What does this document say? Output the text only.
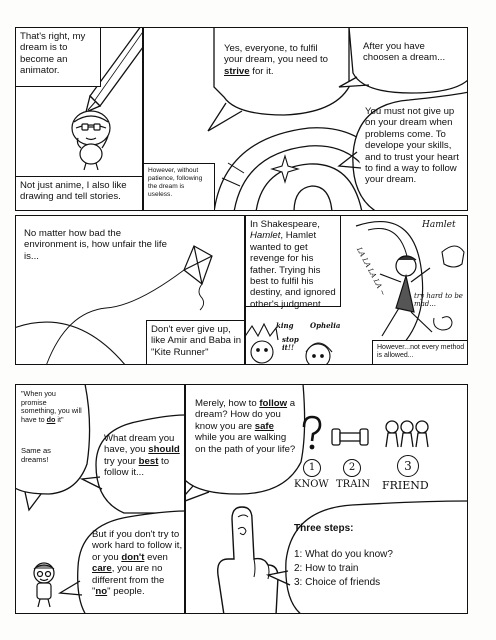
That's right, my dream is to become an animator.
Not just anime, I also like drawing and tell stories.
However, without patience, following the dream is useless.
Yes, everyone, to fulfil your dream, you need to strive for it.
After you have choosen a dream...
You must not give up on your dream when problems come. To develope your skills, and to trust your heart to find a way to follow your dream.
No matter how bad the environment is, how unfair the life is...
Don't ever give up, like Amir and Baba in "Kite Runner"
In Shakespeare, Hamlet, Hamlet wanted to get revenge for his father. Trying his best to fulfil his destiny, and ignored other's judgment.
Hamlet
try hard to be mad...
LA LA LA LA ~
king
stop it!!
Ophelia
However...not every method is allowed...
"When you promise something, you will have to do it"
Same as dreams!
What dream you have, you should try your best to follow it...
But if you don't try to work hard to follow it, or you don't even care, you are no different from the "no" people.
Merely, how to follow a dream? How do you know you are safe while you are walking on the path of your life?
1	2	3
KNOW TRAIN FRIEND
Three steps:
1: What do you know?
2: How to train
3: Choice of friends
